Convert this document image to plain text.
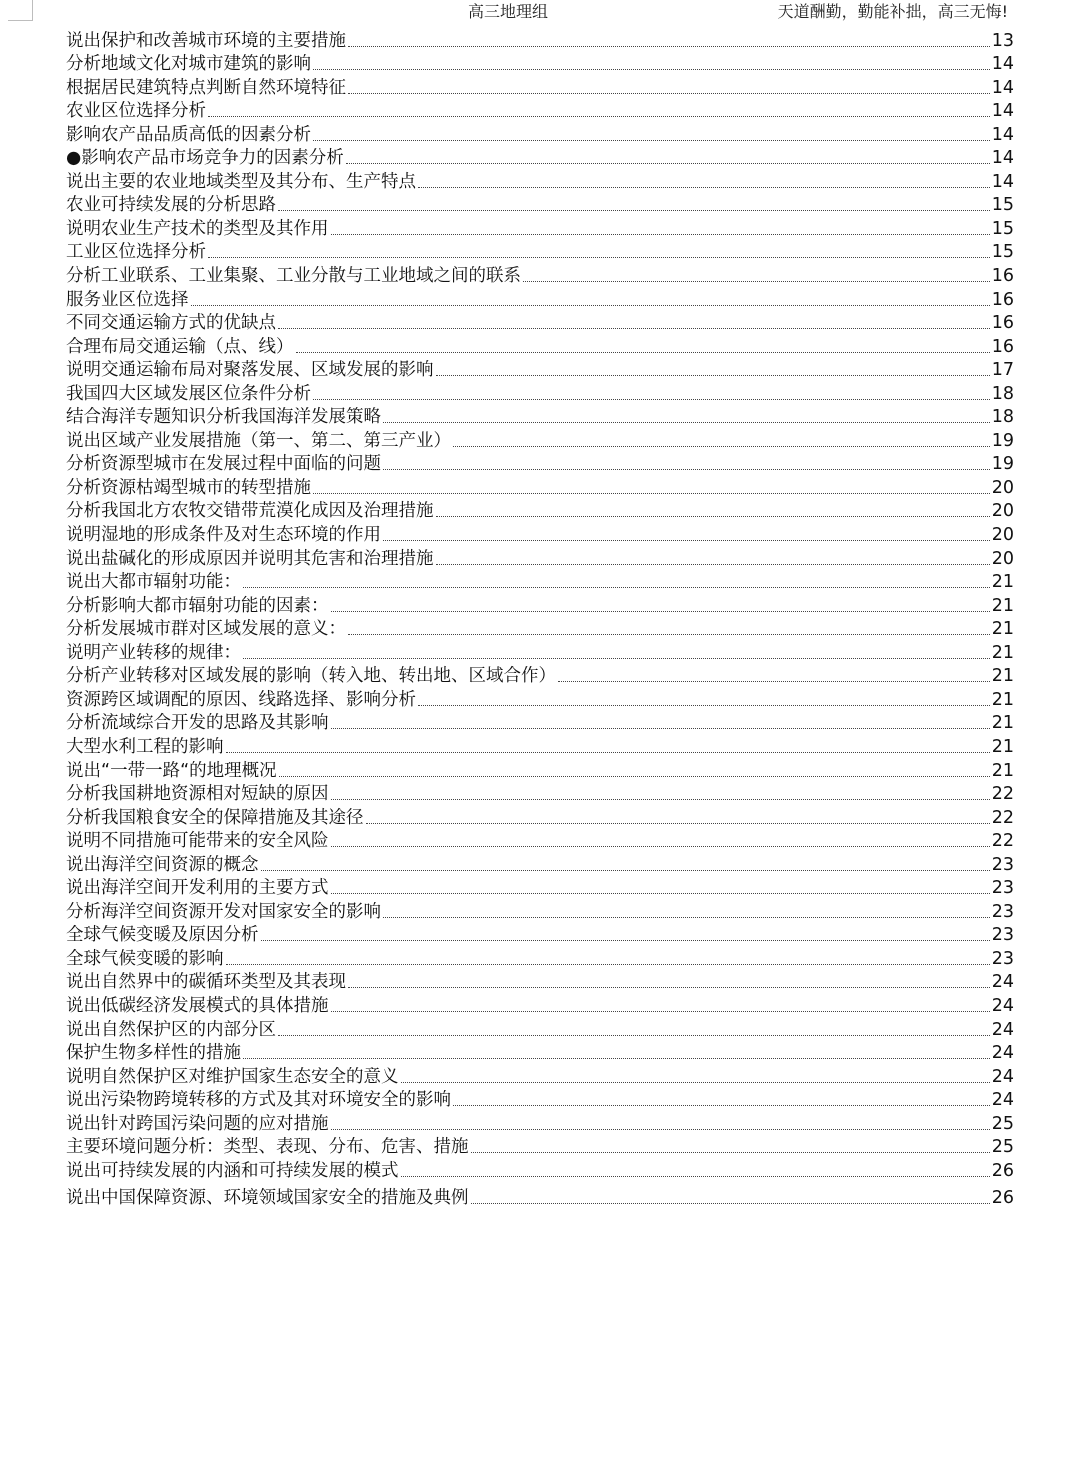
高三地理组	天道酬勤，勤能补拙，高三无悔!
说出保护和改善城市环境的主要措施	13
分析地域文化对城市建筑的影响	14
根据居民建筑特点判断自然环境特征	14
农业区位选择分析	14
影响农产品品质高低的因素分析	14
●影响农产品市场竞争力的因素分析	14
说出主要的农业地域类型及其分布、生产特点	14
农业可持续发展的分析思路	15
说明农业生产技术的类型及其作用	15
工业区位选择分析	15
分析工业联系、工业集聚、工业分散与工业地域之间的联系	16
服务业区位选择	16
不同交通运输方式的优缺点	16
合理布局交通运输（点、线）	16
说明交通运输布局对聚落发展、区域发展的影响	17
我国四大区域发展区位条件分析	18
结合海洋专题知识分析我国海洋发展策略	18
说出区域产业发展措施（第一、第二、第三产业）	19
分析资源型城市在发展过程中面临的问题	19
分析资源枯竭型城市的转型措施	20
分析我国北方农牧交错带荒漠化成因及治理措施	20
说明湿地的形成条件及对生态环境的作用	20
说出盐碱化的形成原因并说明其危害和治理措施	20
说出大都市辐射功能：	21
分析影响大都市辐射功能的因素：	21
分析发展城市群对区域发展的意义：	21
说明产业转移的规律：	21
分析产业转移对区域发展的影响（转入地、转出地、区域合作）	21
资源跨区域调配的原因、线路选择、影响分析	21
分析流域综合开发的思路及其影响	21
大型水利工程的影响	21
说出“一带一路“的地理概况	21
分析我国耕地资源相对短缺的原因	22
分析我国粮食安全的保障措施及其途径	22
说明不同措施可能带来的安全风险	22
说出海洋空间资源的概念	23
说出海洋空间开发利用的主要方式	23
分析海洋空间资源开发对国家安全的影响	23
全球气候变暖及原因分析	23
全球气候变暖的影响	23
说出自然界中的碳循环类型及其表现	24
说出低碳经济发展模式的具体措施	24
说出自然保护区的内部分区	24
保护生物多样性的措施	24
说明自然保护区对维护国家生态安全的意义	24
说出污染物跨境转移的方式及其对环境安全的影响	24
说出针对跨国污染问题的应对措施	25
主要环境问题分析：类型、表现、分布、危害、措施	25
说出可持续发展的内涵和可持续发展的模式	26
说出中国保障资源、环境领域国家安全的措施及典例	26
